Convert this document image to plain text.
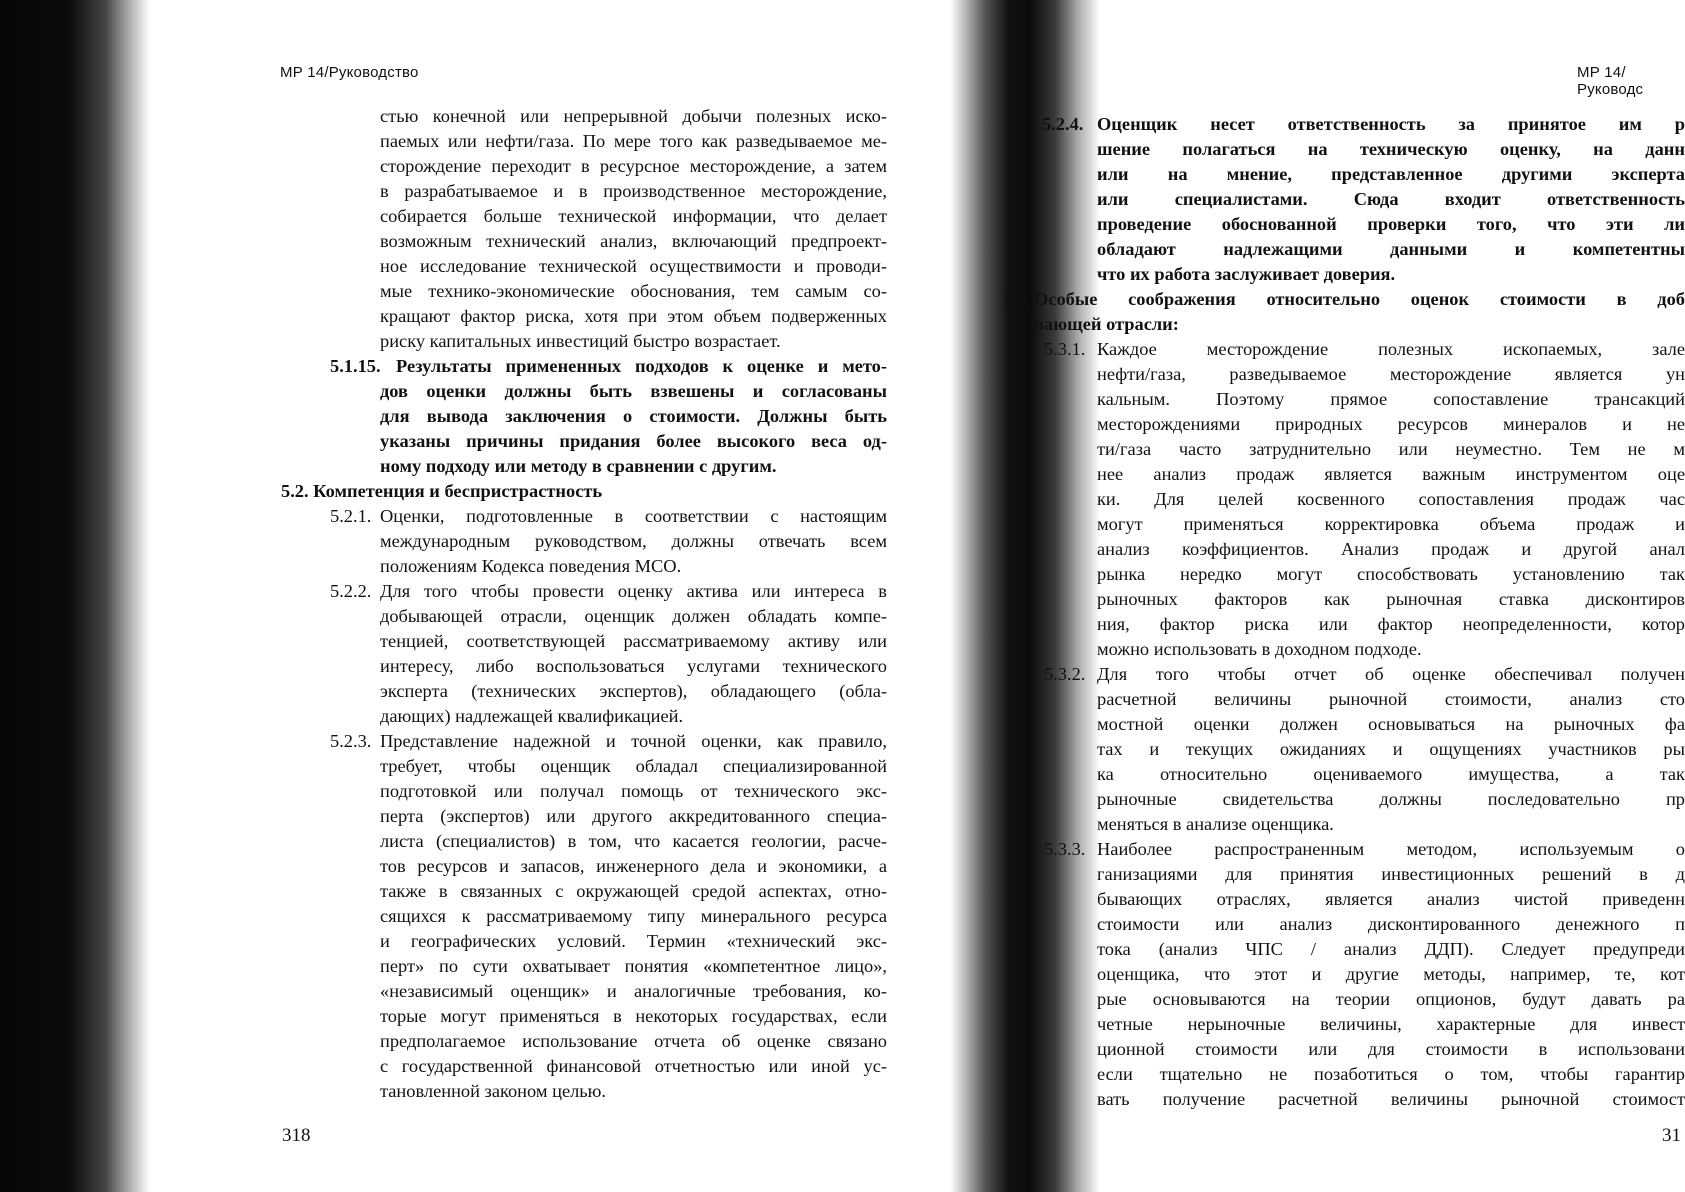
МР 14/Руководство
стью конечной или непрерывной добычи полезных иско-
паемых или нефти/газа. По мере того как разведываемое ме-
сторождение переходит в ресурсное месторождение, а затем
в разрабатываемое и в производственное месторождение,
собирается больше технической информации, что делает
возможным технический анализ, включающий предпроект-
ное исследование технической осуществимости и проводи-
мые технико-экономические обоснования, тем самым со-
кращают фактор риска, хотя при этом объем подверженных
риску капитальных инвестиций быстро возрастает.
5.1.15. Результаты примененных подходов к оценке и мето-
дов оценки должны быть взвешены и согласованы
для вывода заключения о стоимости. Должны быть
указаны причины придания более высокого веса од-
ному подходу или методу в сравнении с другим.
5.2. Компетенция и беспристрастность
5.2.1. Оценки, подготовленные в соответствии с настоящим
международным руководством, должны отвечать всем
положениям Кодекса поведения МСО.
5.2.2. Для того чтобы провести оценку актива или интереса в
добывающей отрасли, оценщик должен обладать компе-
тенцией, соответствующей рассматриваемому активу или
интересу, либо воспользоваться услугами технического
эксперта (технических экспертов), обладающего (обла-
дающих) надлежащей квалификацией.
5.2.3. Представление надежной и точной оценки, как правило,
требует, чтобы оценщик обладал специализированной
подготовкой или получал помощь от технического экс-
перта (экспертов) или другого аккредитованного специа-
листа (специалистов) в том, что касается геологии, расче-
тов ресурсов и запасов, инженерного дела и экономики, а
также в связанных с окружающей средой аспектах, отно-
сящихся к рассматриваемому типу минерального ресурса
и географических условий. Термин «технический экс-
перт» по сути охватывает понятия «компетентное лицо»,
«независимый оценщик» и аналогичные требования, ко-
торые могут применяться в некоторых государствах, если
предполагаемое использование отчета об оценке связано
с государственной финансовой отчетностью или иной ус-
тановленной законом целью.
318
МР 14/Руководс
5.2.4. Оценщик несет ответственность за принятое им р
шение полагаться на техническую оценку, на данн
или на мнение, представленное другими эксперта
или специалистами. Сюда входит ответственность
проведение обоснованной проверки того, что эти ли
обладают надлежащими данными и компетентны
что их работа заслуживает доверия.
5.3. Особые соображения относительно оценок стоимости в доб
вающей отрасли:
5.3.1. Каждое месторождение полезных ископаемых, зале
нефти/газа, разведываемое месторождение является ун
кальным. Поэтому прямое сопоставление трансакций
месторождениями природных ресурсов минералов и не
ти/газа часто затруднительно или неуместно. Тем не м
нее анализ продаж является важным инструментом оце
ки. Для целей косвенного сопоставления продаж час
могут применяться корректировка объема продаж и
анализ коэффициентов. Анализ продаж и другой анал
рынка нередко могут способствовать установлению так
рыночных факторов как рыночная ставка дисконтиров
ния, фактор риска или фактор неопределенности, котор
можно использовать в доходном подходе.
5.3.2. Для того чтобы отчет об оценке обеспечивал получен
расчетной величины рыночной стоимости, анализ сто
мостной оценки должен основываться на рыночных фа
тах и текущих ожиданиях и ощущениях участников ры
ка относительно оцениваемого имущества, а так
рыночные свидетельства должны последовательно пр
меняться в анализе оценщика.
5.3.3. Наиболее распространенным методом, используемым о
ганизациями для принятия инвестиционных решений в д
бывающих отраслях, является анализ чистой приведенн
стоимости или анализ дисконтированного денежного п
тока (анализ ЧПС / анализ ДДП). Следует предупреди
оценщика, что этот и другие методы, например, те, кот
рые основываются на теории опционов, будут давать ра
четные нерыночные величины, характерные для инвест
ционной стоимости или для стоимости в использовани
если тщательно не позаботиться о том, чтобы гарантир
вать получение расчетной величины рыночной стоимост
31
